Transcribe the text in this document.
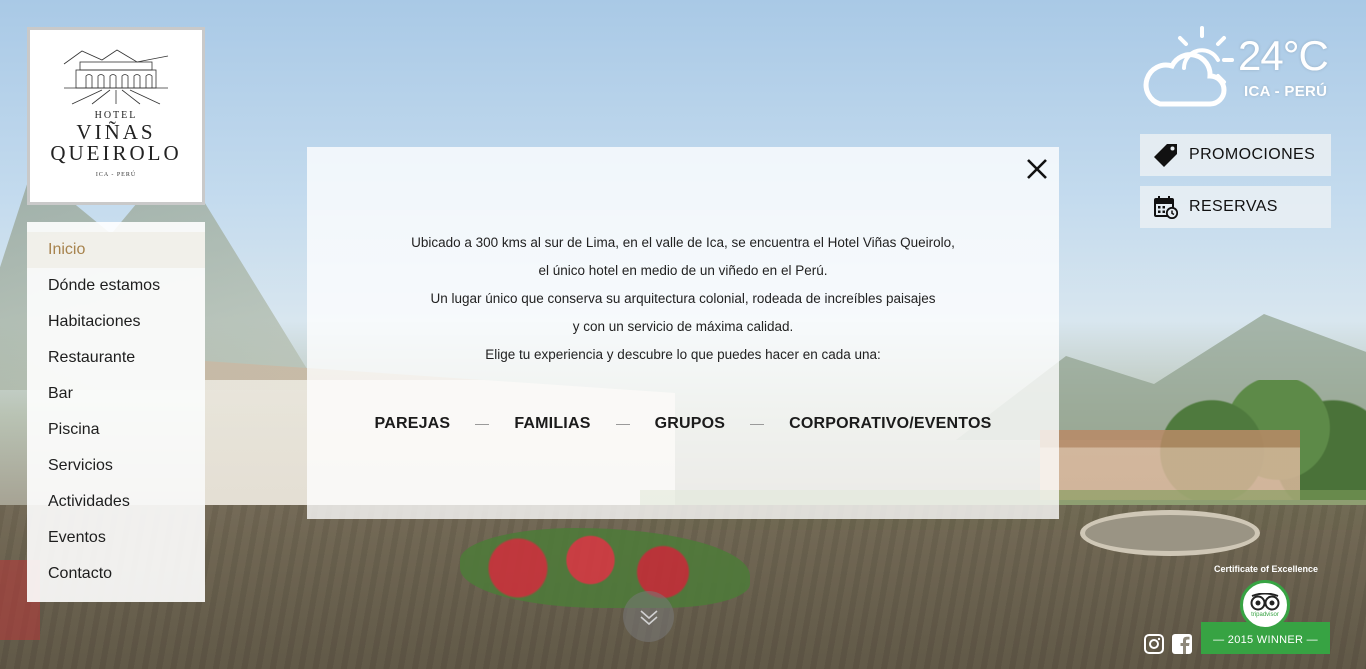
HOTEL
VIÑAS
QUEIROLO
ICA - PERÚ
Inicio
Dónde estamos
Habitaciones
Restaurante
Bar
Piscina
Servicios
Actividades
Eventos
Contacto

Ubicado a 300 kms al sur de Lima, en el valle de Ica, se encuentra el Hotel Viñas Queirolo,

el único hotel en medio de un viñedo en el Perú.

Un lugar único que conserva su arquitectura colonial, rodeada de increíbles paisajes

y con un servicio de máxima calidad.

Elige tu experiencia y descubre lo que puedes hacer en cada una:

PAREJAS	FAMILIAS	GRUPOS	CORPORATIVO/EVENTOS
24°C
ICA - PERÚ
PROMOCIONES
RESERVAS
Certificate of Excellence
— 2015 WINNER —
tripadvisor
